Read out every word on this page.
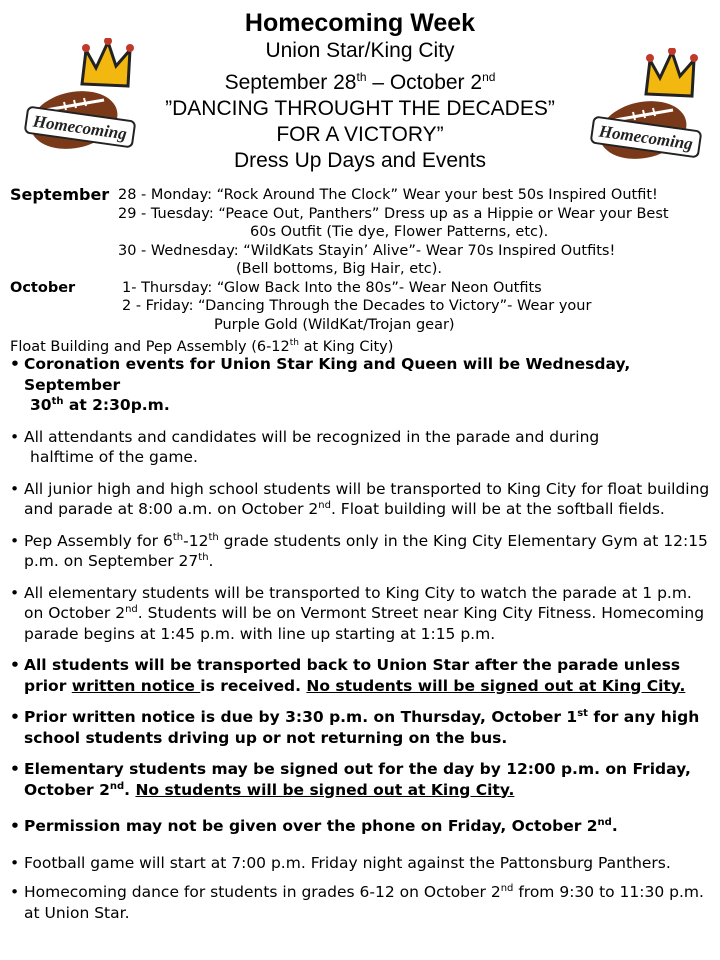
Homecoming Week
Union Star/King City
September 28th – October 2nd
”DANCING THROUGHT THE DECADES”
FOR A VICTORY”
Dress Up Days and Events
Homecoming	Homecoming
September 28 - Monday: “Rock Around The Clock” Wear your best 50s Inspired Outfit!
29 - Tuesday: “Peace Out, Panthers” Dress up as a Hippie or Wear your Best
60s Outfit (Tie dye, Flower Patterns, etc).
30 - Wednesday: “WildKats Stayin’ Alive”- Wear 70s Inspired Outfits!
(Bell bottoms, Big Hair, etc).
October	1- Thursday: “Glow Back Into the 80s”- Wear Neon Outfits
2 - Friday: “Dancing Through the Decades to Victory”- Wear your
Purple Gold (WildKat/Trojan gear)
Float Building and Pep Assembly (6-12th at King City)
• Coronation events for Union Star King and Queen will be Wednesday, September
30th at 2:30p.m.
• All attendants and candidates will be recognized in the parade and during
halftime of the game.
• All junior high and high school students will be transported to King City for float building and parade at 8:00 a.m. on October 2nd. Float building will be at the softball fields.
• Pep Assembly for 6th-12th grade students only in the King City Elementary Gym at 12:15 p.m. on September 27th.
• All elementary students will be transported to King City to watch the parade at 1 p.m. on October 2nd. Students will be on Vermont Street near King City Fitness. Homecoming parade begins at 1:45 p.m. with line up starting at 1:15 p.m.
• All students will be transported back to Union Star after the parade unless prior written notice is received. No students will be signed out at King City.
• Prior written notice is due by 3:30 p.m. on Thursday, October 1st for any high school students driving up or not returning on the bus.
• Elementary students may be signed out for the day by 12:00 p.m. on Friday, October 2nd. No students will be signed out at King City.
• Permission may not be given over the phone on Friday, October 2nd.
• Football game will start at 7:00 p.m. Friday night against the Pattonsburg Panthers.
• Homecoming dance for students in grades 6-12 on October 2nd from 9:30 to 11:30 p.m. at Union Star.
